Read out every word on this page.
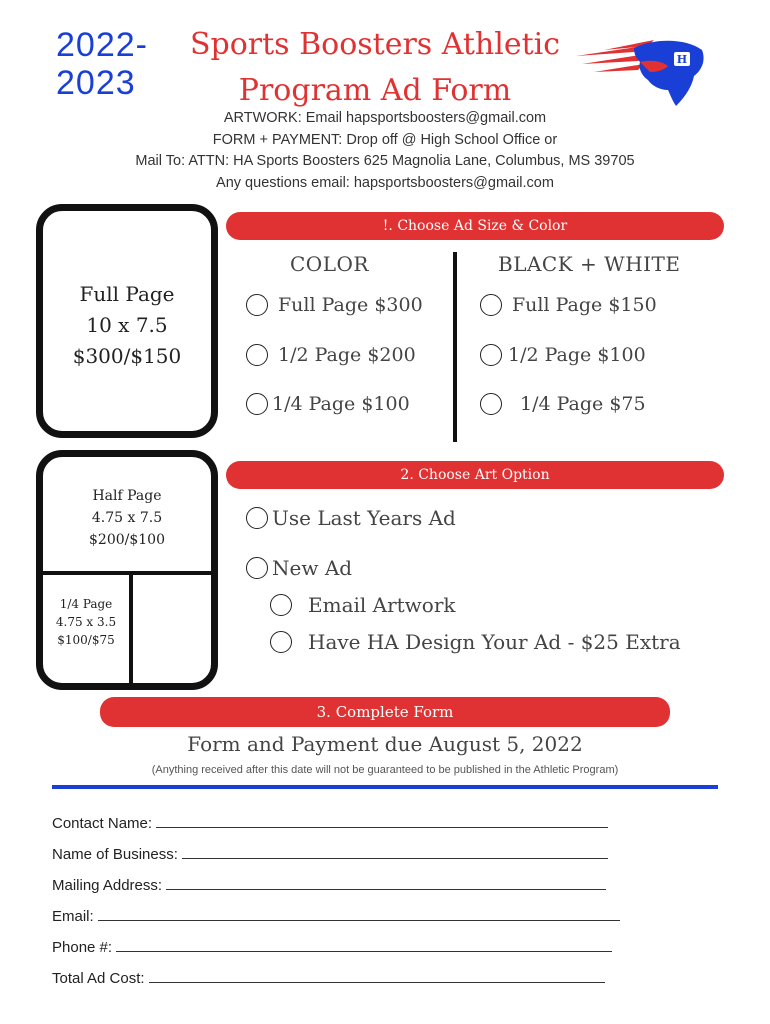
2022-
2023
Sports Boosters Athletic
Program Ad Form
H
ARTWORK: Email hapsportsboosters@gmail.com
FORM + PAYMENT: Drop off @ High School Office or
Mail To: ATTN: HA Sports Boosters 625 Magnolia Lane, Columbus, MS 39705
Any questions email: hapsportsboosters@gmail.com
Full Page
10 x 7.5
$300/$150
Half Page
4.75 x 7.5
$200/$100
1/4 Page
4.75 x 3.5
$100/$75
!. Choose Ad Size & Color
COLOR	BLACK + WHITE
Full Page $300
1/2 Page $200
1/4 Page $100
Full Page $150
1/2 Page $100
1/4 Page $75
2. Choose Art Option
Use Last Years Ad
New Ad
Email Artwork
Have HA Design Your Ad - $25 Extra
3. Complete Form
Form and Payment due August 5, 2022
(Anything received after this date will not be guaranteed to be published in the Athletic Program)
Contact Name:
Name of Business:
Mailing Address:
Email:
Phone #:
Total Ad Cost:
